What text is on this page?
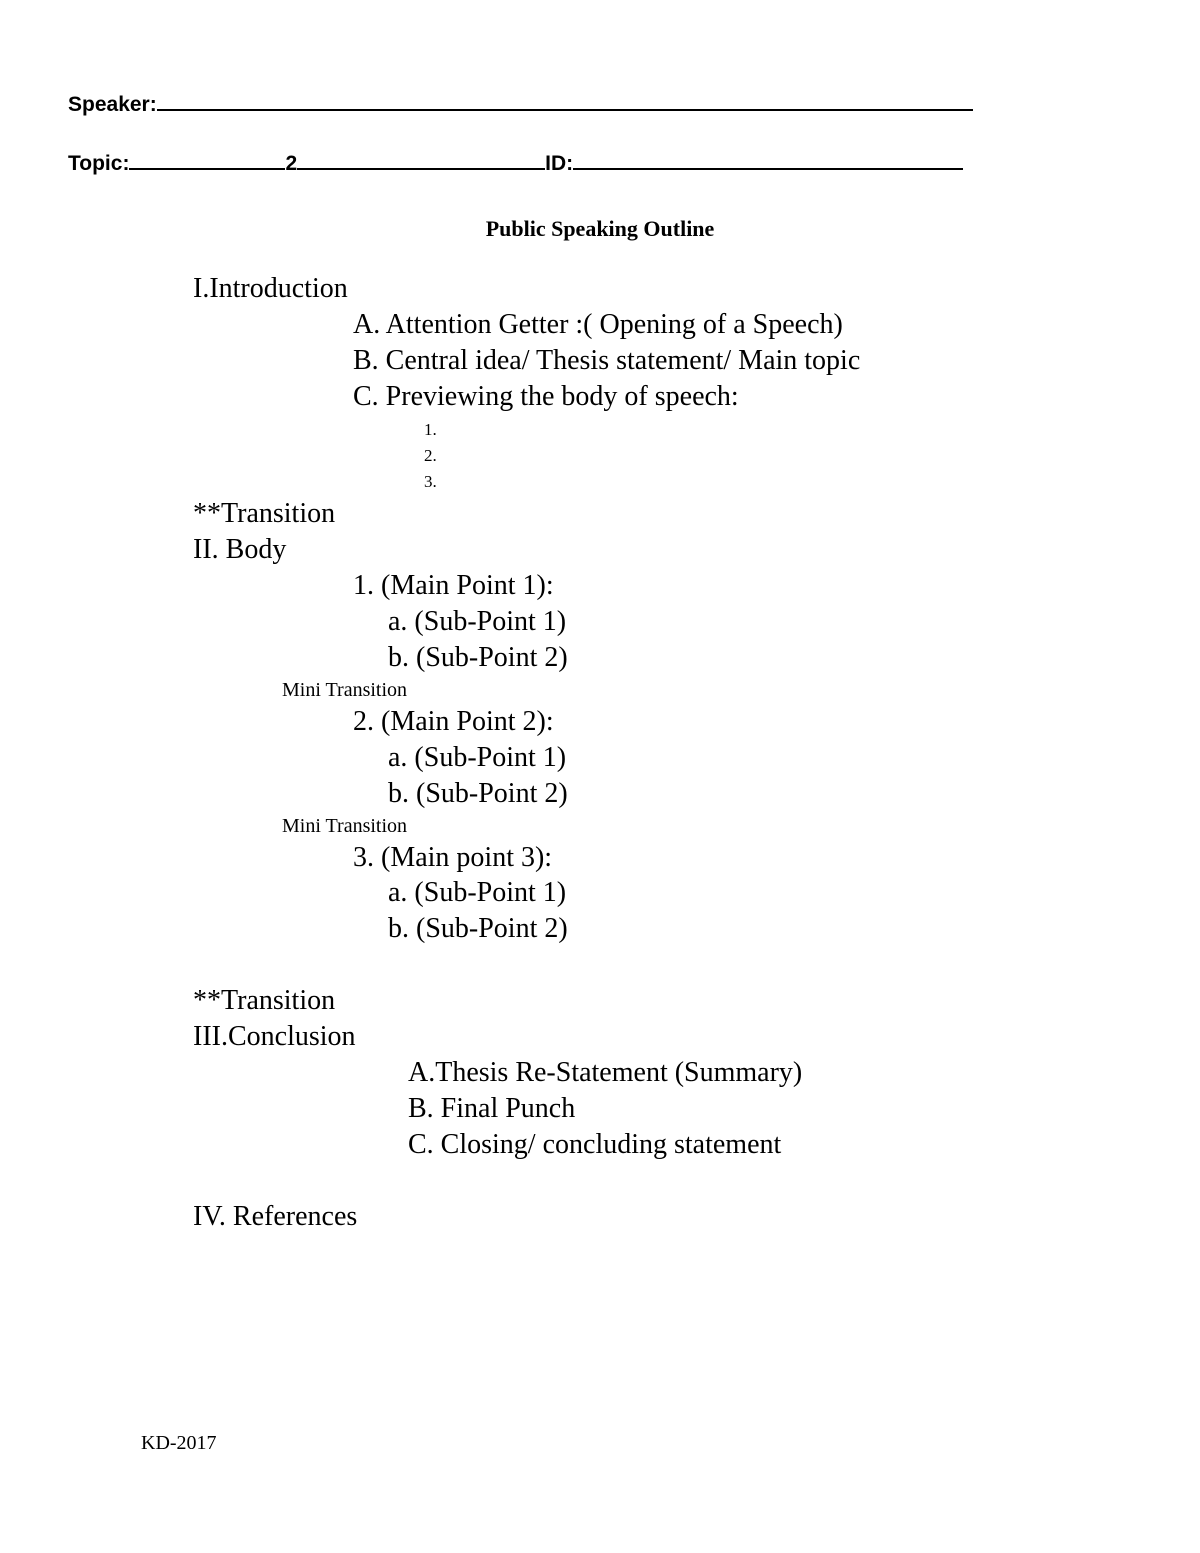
Speaker:
Topic:	2	ID:
Public Speaking Outline
I.Introduction
A. Attention Getter :( Opening of a Speech)
B. Central idea/ Thesis statement/ Main topic
C. Previewing the body of speech:
1.
2.
3.
**Transition
II. Body
1. (Main Point 1):
a. (Sub-Point 1)
b. (Sub-Point 2)
Mini Transition
2. (Main Point 2):
a. (Sub-Point 1)
b. (Sub-Point 2)
Mini Transition
3. (Main point 3):
a. (Sub-Point 1)
b. (Sub-Point 2)
**Transition
III.Conclusion
A.Thesis Re-Statement (Summary)
B. Final Punch
C. Closing/ concluding statement
IV. References
KD-2017
